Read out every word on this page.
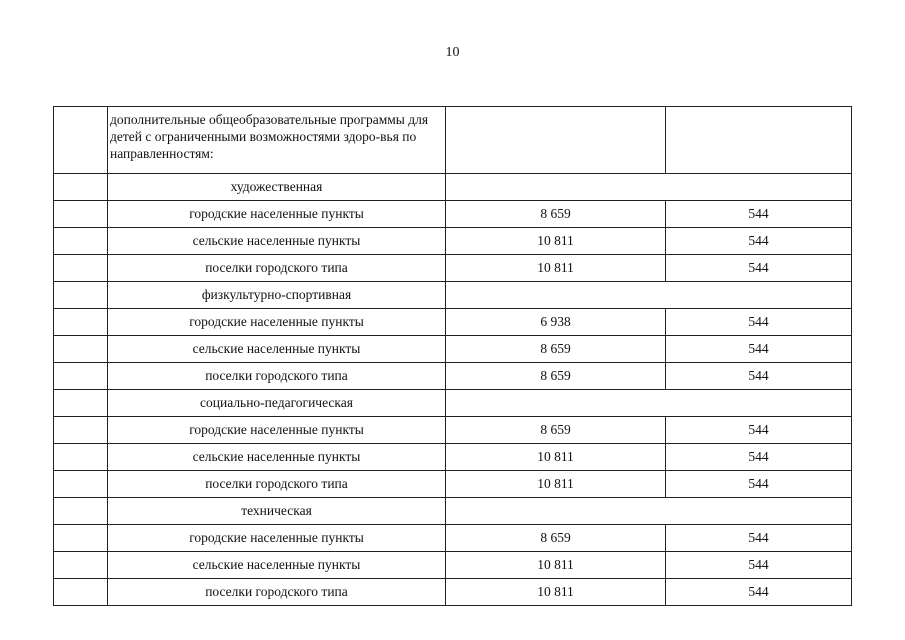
10
	дополнительные общеобразовательные программы для детей с ограниченными возможностями здоро-вья по направленностям:		
	художественная		
	городские населенные пункты	8 659	544
	сельские населенные пункты	10 811	544
	поселки городского типа	10 811	544
	физкультурно-спортивная		
	городские населенные пункты	6 938	544
	сельские населенные пункты	8 659	544
	поселки городского типа	8 659	544
	социально-педагогическая		
	городские населенные пункты	8 659	544
	сельские населенные пункты	10 811	544
	поселки городского типа	10 811	544
	техническая		
	городские населенные пункты	8 659	544
	сельские населенные пункты	10 811	544
	поселки городского типа	10 811	544
